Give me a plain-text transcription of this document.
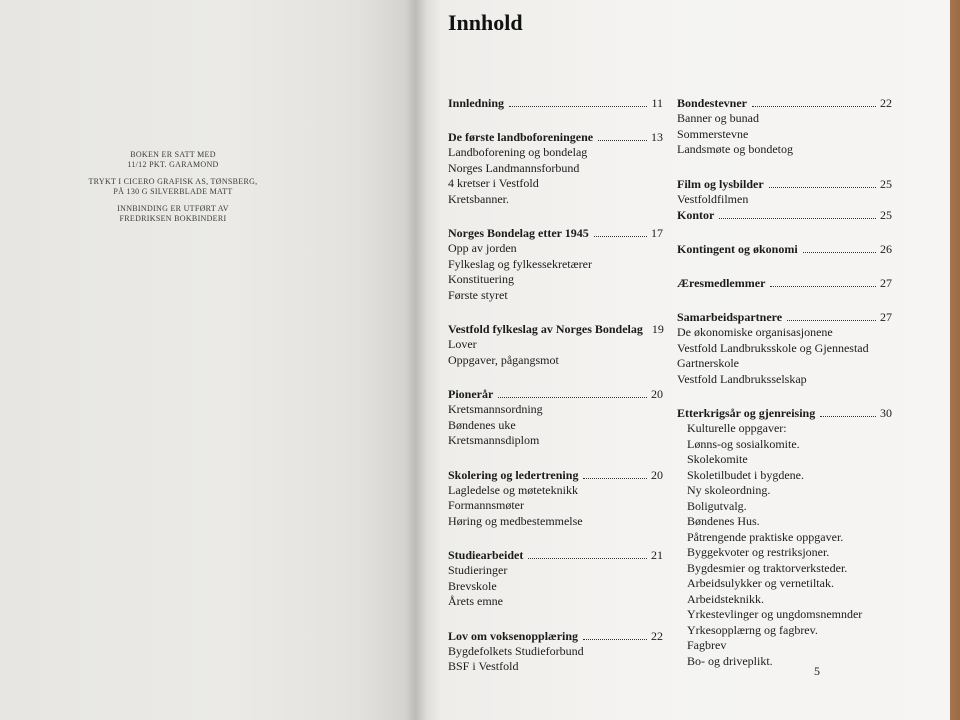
BOKEN ER SATT MED
11/12 PKT. GARAMOND
TRYKT I CICERO GRAFISK AS, TØNSBERG,
PÅ 130 G SILVERBLADE MATT
INNBINDING ER UTFØRT AV
FREDRIKSEN BOKBINDERI
Innhold
Innledning	11
De første landboforeningene	13
Landboforening og bondelag
Norges Landmannsforbund
4 kretser i Vestfold
Kretsbanner.
Norges Bondelag etter 1945	17
Opp av jorden
Fylkeslag og fylkessekretærer
Konstituering
Første styret
Vestfold fylkeslag av Norges Bondelag 19
Lover
Oppgaver, pågangsmot
Pionerår	20
Kretsmannsordning
Bøndenes uke
Kretsmannsdiplom
Skolering og ledertrening	20
Lagledelse og møteteknikk
Formannsmøter
Høring og medbestemmelse
Studiearbeidet	21
Studieringer
Brevskole
Årets emne
Lov om voksenopplæring	22
Bygdefolkets Studieforbund
BSF i Vestfold
Bondestevner	22
Banner og bunad
Sommerstevne
Landsmøte og bondetog
Film og lysbilder	25
Vestfoldfilmen
Kontor	25
Kontingent og økonomi	26
Æresmedlemmer	27
Samarbeidspartnere	27
De økonomiske organisasjonene
Vestfold Landbruksskole og Gjennestad
Gartnerskole
Vestfold Landbruksselskap
Etterkrigsår og gjenreising	30
Kulturelle oppgaver:
Lønns-og sosialkomite.
Skolekomite
Skoletilbudet i bygdene.
Ny skoleordning.
Boligutvalg.
Bøndenes Hus.
Påtrengende praktiske oppgaver.
Byggekvoter og restriksjoner.
Bygdesmier og traktorverksteder.
Arbeidsulykker og vernetiltak.
Arbeidsteknikk.
Yrkestevlinger og ungdomsnemnder
Yrkesopplærng og fagbrev.
Fagbrev
Bo- og driveplikt.
5
